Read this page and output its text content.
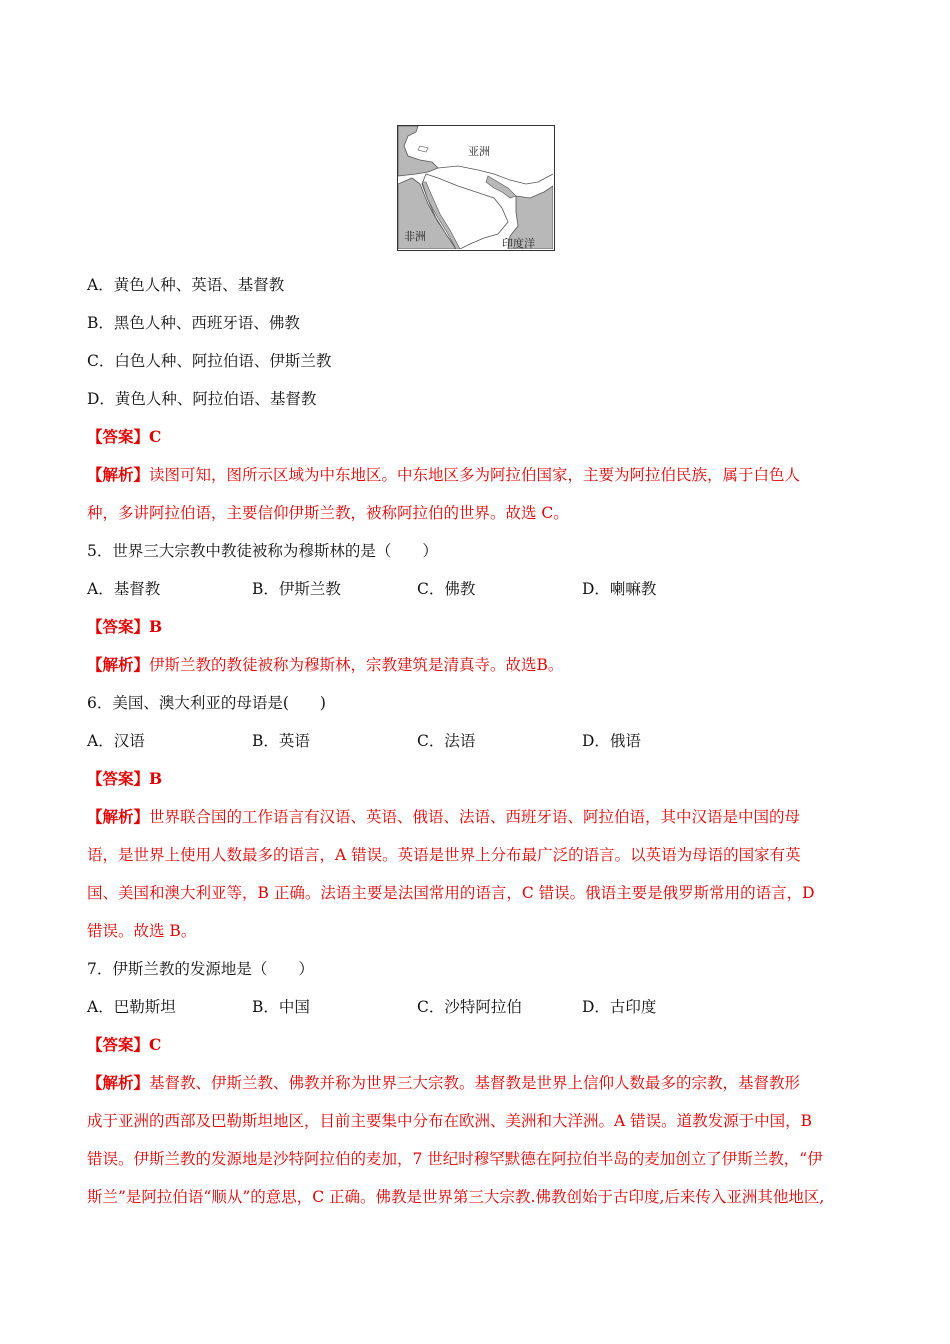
亚洲
非洲
印度洋
A．黄色人种、英语、基督教
B．黑色人种、西班牙语、佛教
C．白色人种、阿拉伯语、伊斯兰教
D．黄色人种、阿拉伯语、基督教
【答案】C
【解析】读图可知，图所示区域为中东地区。中东地区多为阿拉伯国家，主要为阿拉伯民族，属于白色人
种，多讲阿拉伯语，主要信仰伊斯兰教，被称阿拉伯的世界。故选 C。
5．世界三大宗教中教徒被称为穆斯林的是（　　）
A．基督教	B．伊斯兰教	C．佛教	D．喇嘛教
【答案】B
【解析】伊斯兰教的教徒被称为穆斯林，宗教建筑是清真寺。故选B。
6．美国、澳大利亚的母语是(　　)
A．汉语	B．英语	C．法语	D．俄语
【答案】B
【解析】世界联合国的工作语言有汉语、英语、俄语、法语、西班牙语、阿拉伯语，其中汉语是中国的母
语，是世界上使用人数最多的语言，A 错误。英语是世界上分布最广泛的语言。以英语为母语的国家有英
国、美国和澳大利亚等，B 正确。法语主要是法国常用的语言，C 错误。俄语主要是俄罗斯常用的语言，D
错误。故选 B。
7．伊斯兰教的发源地是（　　）
A．巴勒斯坦	B．中国	C．沙特阿拉伯	D．古印度
【答案】C
【解析】基督教、伊斯兰教、佛教并称为世界三大宗教。基督教是世界上信仰人数最多的宗教，基督教形
成于亚洲的西部及巴勒斯坦地区，目前主要集中分布在欧洲、美洲和大洋洲。A 错误。道教发源于中国，B
错误。伊斯兰教的发源地是沙特阿拉伯的麦加，7 世纪时穆罕默德在阿拉伯半岛的麦加创立了伊斯兰教，“伊
斯兰”是阿拉伯语“顺从”的意思，C 正确。佛教是世界第三大宗教.佛教创始于古印度,后来传入亚洲其他地区,
